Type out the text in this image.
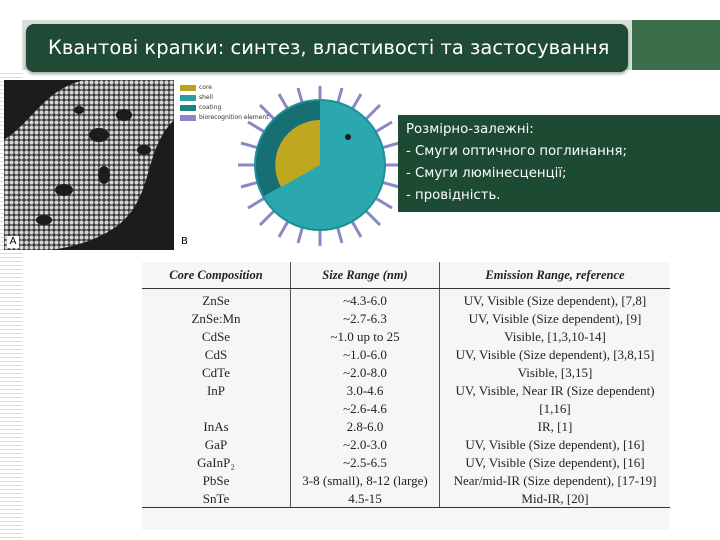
Квантові крапки: синтез, властивості та застосування
A	B
core
shell
coating
biorecognition element
Розмірно-залежні:
- Смуги оптичного поглинання;
- Смуги люмінесценції;
- провідність.
Core Composition	Size Range (nm)	Emission Range, reference
ZnSe	~4.3-6.0	UV, Visible (Size dependent), [7,8]
ZnSe:Mn	~2.7-6.3	UV, Visible (Size dependent), [9]
CdSe	~1.0 up to 25	Visible, [1,3,10-14]
CdS	~1.0-6.0	UV, Visible (Size dependent), [3,8,15]
CdTe	~2.0-8.0	Visible, [3,15]
InP	3.0-4.6	UV, Visible, Near IR (Size dependent)
	~2.6-4.6	[1,16]
InAs	2.8-6.0	IR, [1]
GaP	~2.0-3.0	UV, Visible (Size dependent), [16]
GaInP₂	~2.5-6.5	UV, Visible (Size dependent), [16]
PbSe	3-8 (small), 8-12 (large)	Near/mid-IR (Size dependent), [17-19]
SnTe	4.5-15	Mid-IR, [20]
